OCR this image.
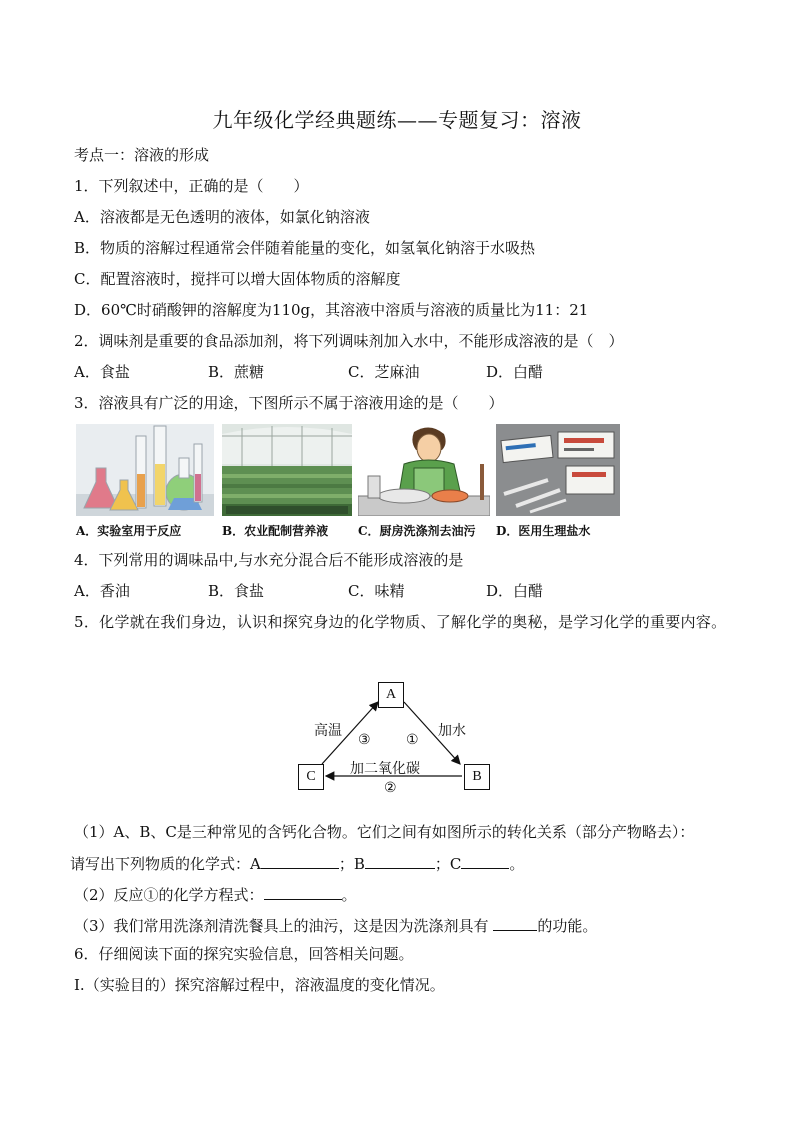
九年级化学经典题练——专题复习：溶液
考点一：溶液的形成
1．下列叙述中，正确的是（　　）
A．溶液都是无色透明的液体，如氯化钠溶液
B．物质的溶解过程通常会伴随着能量的变化，如氢氧化钠溶于水吸热
C．配置溶液时，搅拌可以增大固体物质的溶解度
D．60℃时硝酸钾的溶解度为110g，其溶液中溶质与溶液的质量比为11：21
2．调味剂是重要的食品添加剂，将下列调味剂加入水中，不能形成溶液的是（　）
A．食盐	B．蔗糖	C．芝麻油	D．白醋
3．溶液具有广泛的用途，下图所示不属于溶液用途的是（　　）
A．实验室用于反应	B．农业配制营养液 C．厨房洗涤剂去油污 D．医用生理盐水
4．下列常用的调味品中,与水充分混合后不能形成溶液的是
A．香油	B．食盐	C．味精	D．白醋
5．化学就在我们身边，认识和探究身边的化学物质、了解化学的奥秘，是学习化学的重要内容。
A
B
C
高温	加水
加二氧化碳
①
②
③
（1）A、B、C是三种常见的含钙化合物。它们之间有如图所示的转化关系（部分产物略去）：
请写出下列物质的化学式：A	；B	；C	。
（2）反应①的化学方程式：	。
（3）我们常用洗涤剂清洗餐具上的油污，这是因为洗涤剂具有	的功能。
6．仔细阅读下面的探究实验信息，回答相关问题。
Ⅰ.（实验目的）探究溶解过程中，溶液温度的变化情况。
